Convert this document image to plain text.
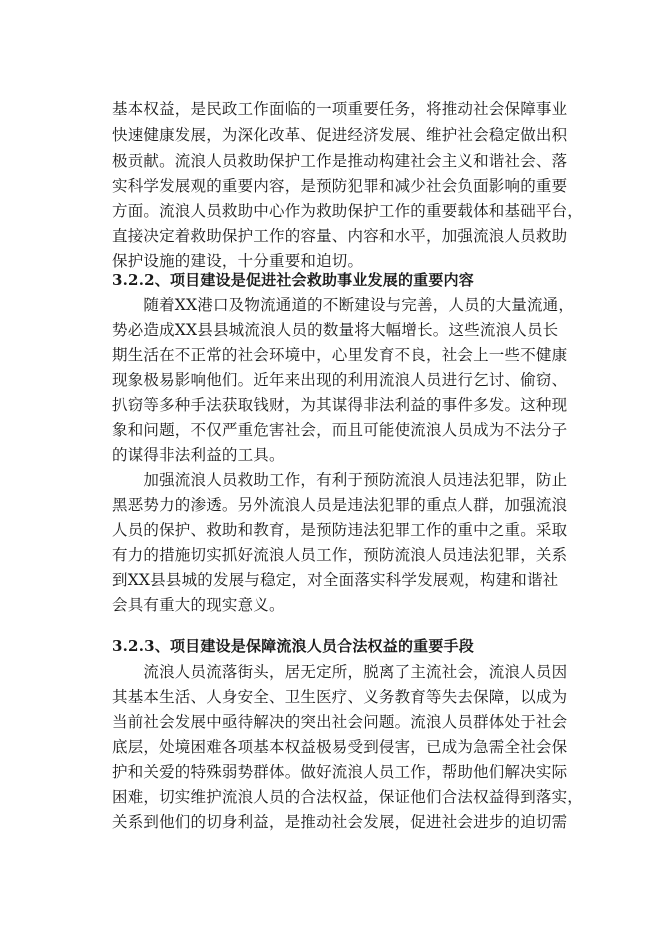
基本权益，是民政工作面临的一项重要任务，将推动社会保障事业
快速健康发展，为深化改革、促进经济发展、维护社会稳定做出积
极贡献。流浪人员救助保护工作是推动构建社会主义和谐社会、落
实科学发展观的重要内容，是预防犯罪和减少社会负面影响的重要
方面。流浪人员救助中心作为救助保护工作的重要载体和基础平台，
直接决定着救助保护工作的容量、内容和水平，加强流浪人员救助
保护设施的建设，十分重要和迫切。
3.2.2、项目建设是促进社会救助事业发展的重要内容
　　随着XX港口及物流通道的不断建设与完善，人员的大量流通，
势必造成XX县县城流浪人员的数量将大幅增长。这些流浪人员长
期生活在不正常的社会环境中，心里发育不良，社会上一些不健康
现象极易影响他们。近年来出现的利用流浪人员进行乞讨、偷窃、
扒窃等多种手法获取钱财，为其谋得非法利益的事件多发。这种现
象和问题，不仅严重危害社会，而且可能使流浪人员成为不法分子
的谋得非法利益的工具。
　　加强流浪人员救助工作，有利于预防流浪人员违法犯罪，防止
黑恶势力的渗透。另外流浪人员是违法犯罪的重点人群，加强流浪
人员的保护、救助和教育，是预防违法犯罪工作的重中之重。采取
有力的措施切实抓好流浪人员工作，预防流浪人员违法犯罪，关系
到XX县县城的发展与稳定，对全面落实科学发展观，构建和谐社
会具有重大的现实意义。
3.2.3、项目建设是保障流浪人员合法权益的重要手段
　　流浪人员流落街头，居无定所，脱离了主流社会，流浪人员因
其基本生活、人身安全、卫生医疗、义务教育等失去保障，以成为
当前社会发展中亟待解决的突出社会问题。流浪人员群体处于社会
底层，处境困难各项基本权益极易受到侵害，已成为急需全社会保
护和关爱的特殊弱势群体。做好流浪人员工作，帮助他们解决实际
困难，切实维护流浪人员的合法权益，保证他们合法权益得到落实，
关系到他们的切身利益，是推动社会发展，促进社会进步的迫切需
